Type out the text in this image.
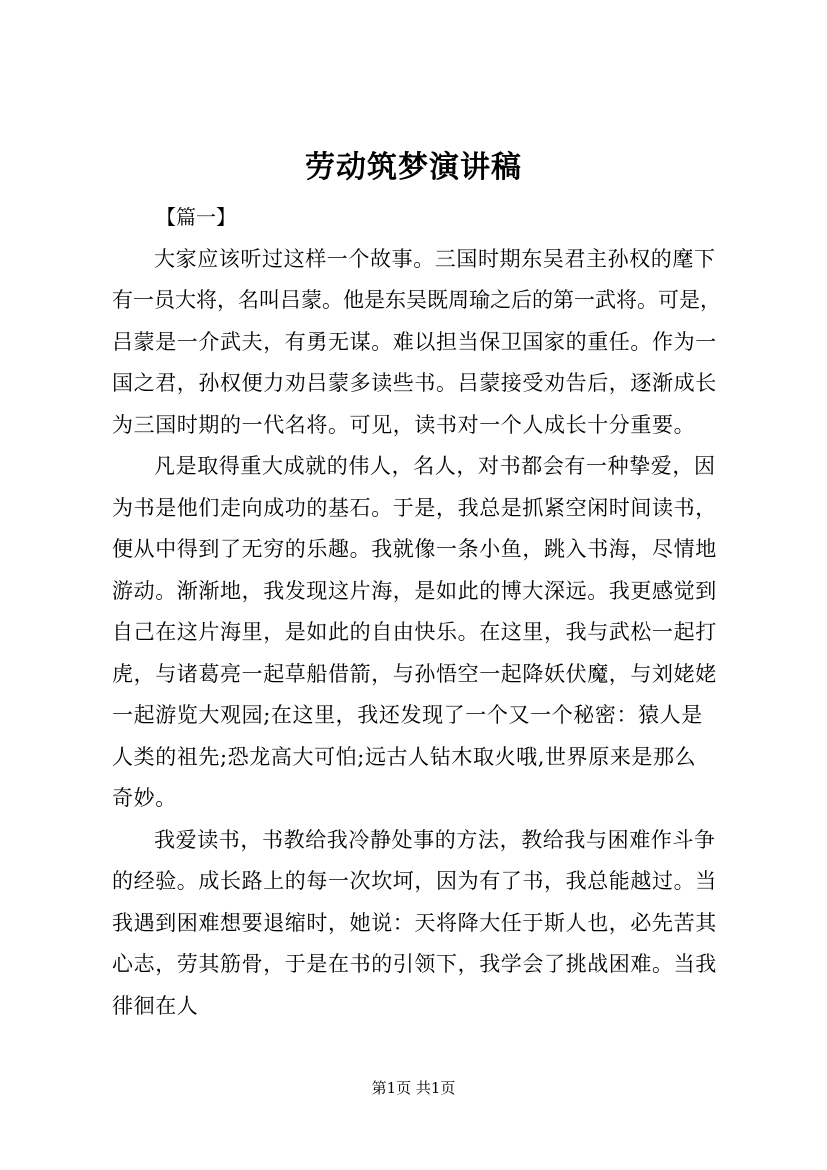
劳动筑梦演讲稿

【篇一】

大家应该听过这样一个故事。三国时期东吴君主孙权的麾下
有一员大将，名叫吕蒙。他是东吴既周瑜之后的第一武将。可是，
吕蒙是一介武夫，有勇无谋。难以担当保卫国家的重任。作为一
国之君，孙权便力劝吕蒙多读些书。吕蒙接受劝告后，逐渐成长
为三国时期的一代名将。可见，读书对一个人成长十分重要。

凡是取得重大成就的伟人，名人，对书都会有一种挚爱，因
为书是他们走向成功的基石。于是，我总是抓紧空闲时间读书，
便从中得到了无穷的乐趣。我就像一条小鱼，跳入书海，尽情地
游动。渐渐地，我发现这片海，是如此的博大深远。我更感觉到
自己在这片海里，是如此的自由快乐。在这里，我与武松一起打
虎，与诸葛亮一起草船借箭，与孙悟空一起降妖伏魔，与刘姥姥
一起游览大观园;在这里，我还发现了一个又一个秘密：猿人是
人类的祖先;恐龙高大可怕;远古人钻木取火哦,世界原来是那么
奇妙。

我爱读书，书教给我冷静处事的方法，教给我与困难作斗争
的经验。成长路上的每一次坎坷，因为有了书，我总能越过。当
我遇到困难想要退缩时，她说：天将降大任于斯人也，必先苦其
心志，劳其筋骨，于是在书的引领下，我学会了挑战困难。当我
徘徊在人

第1页 共1页
